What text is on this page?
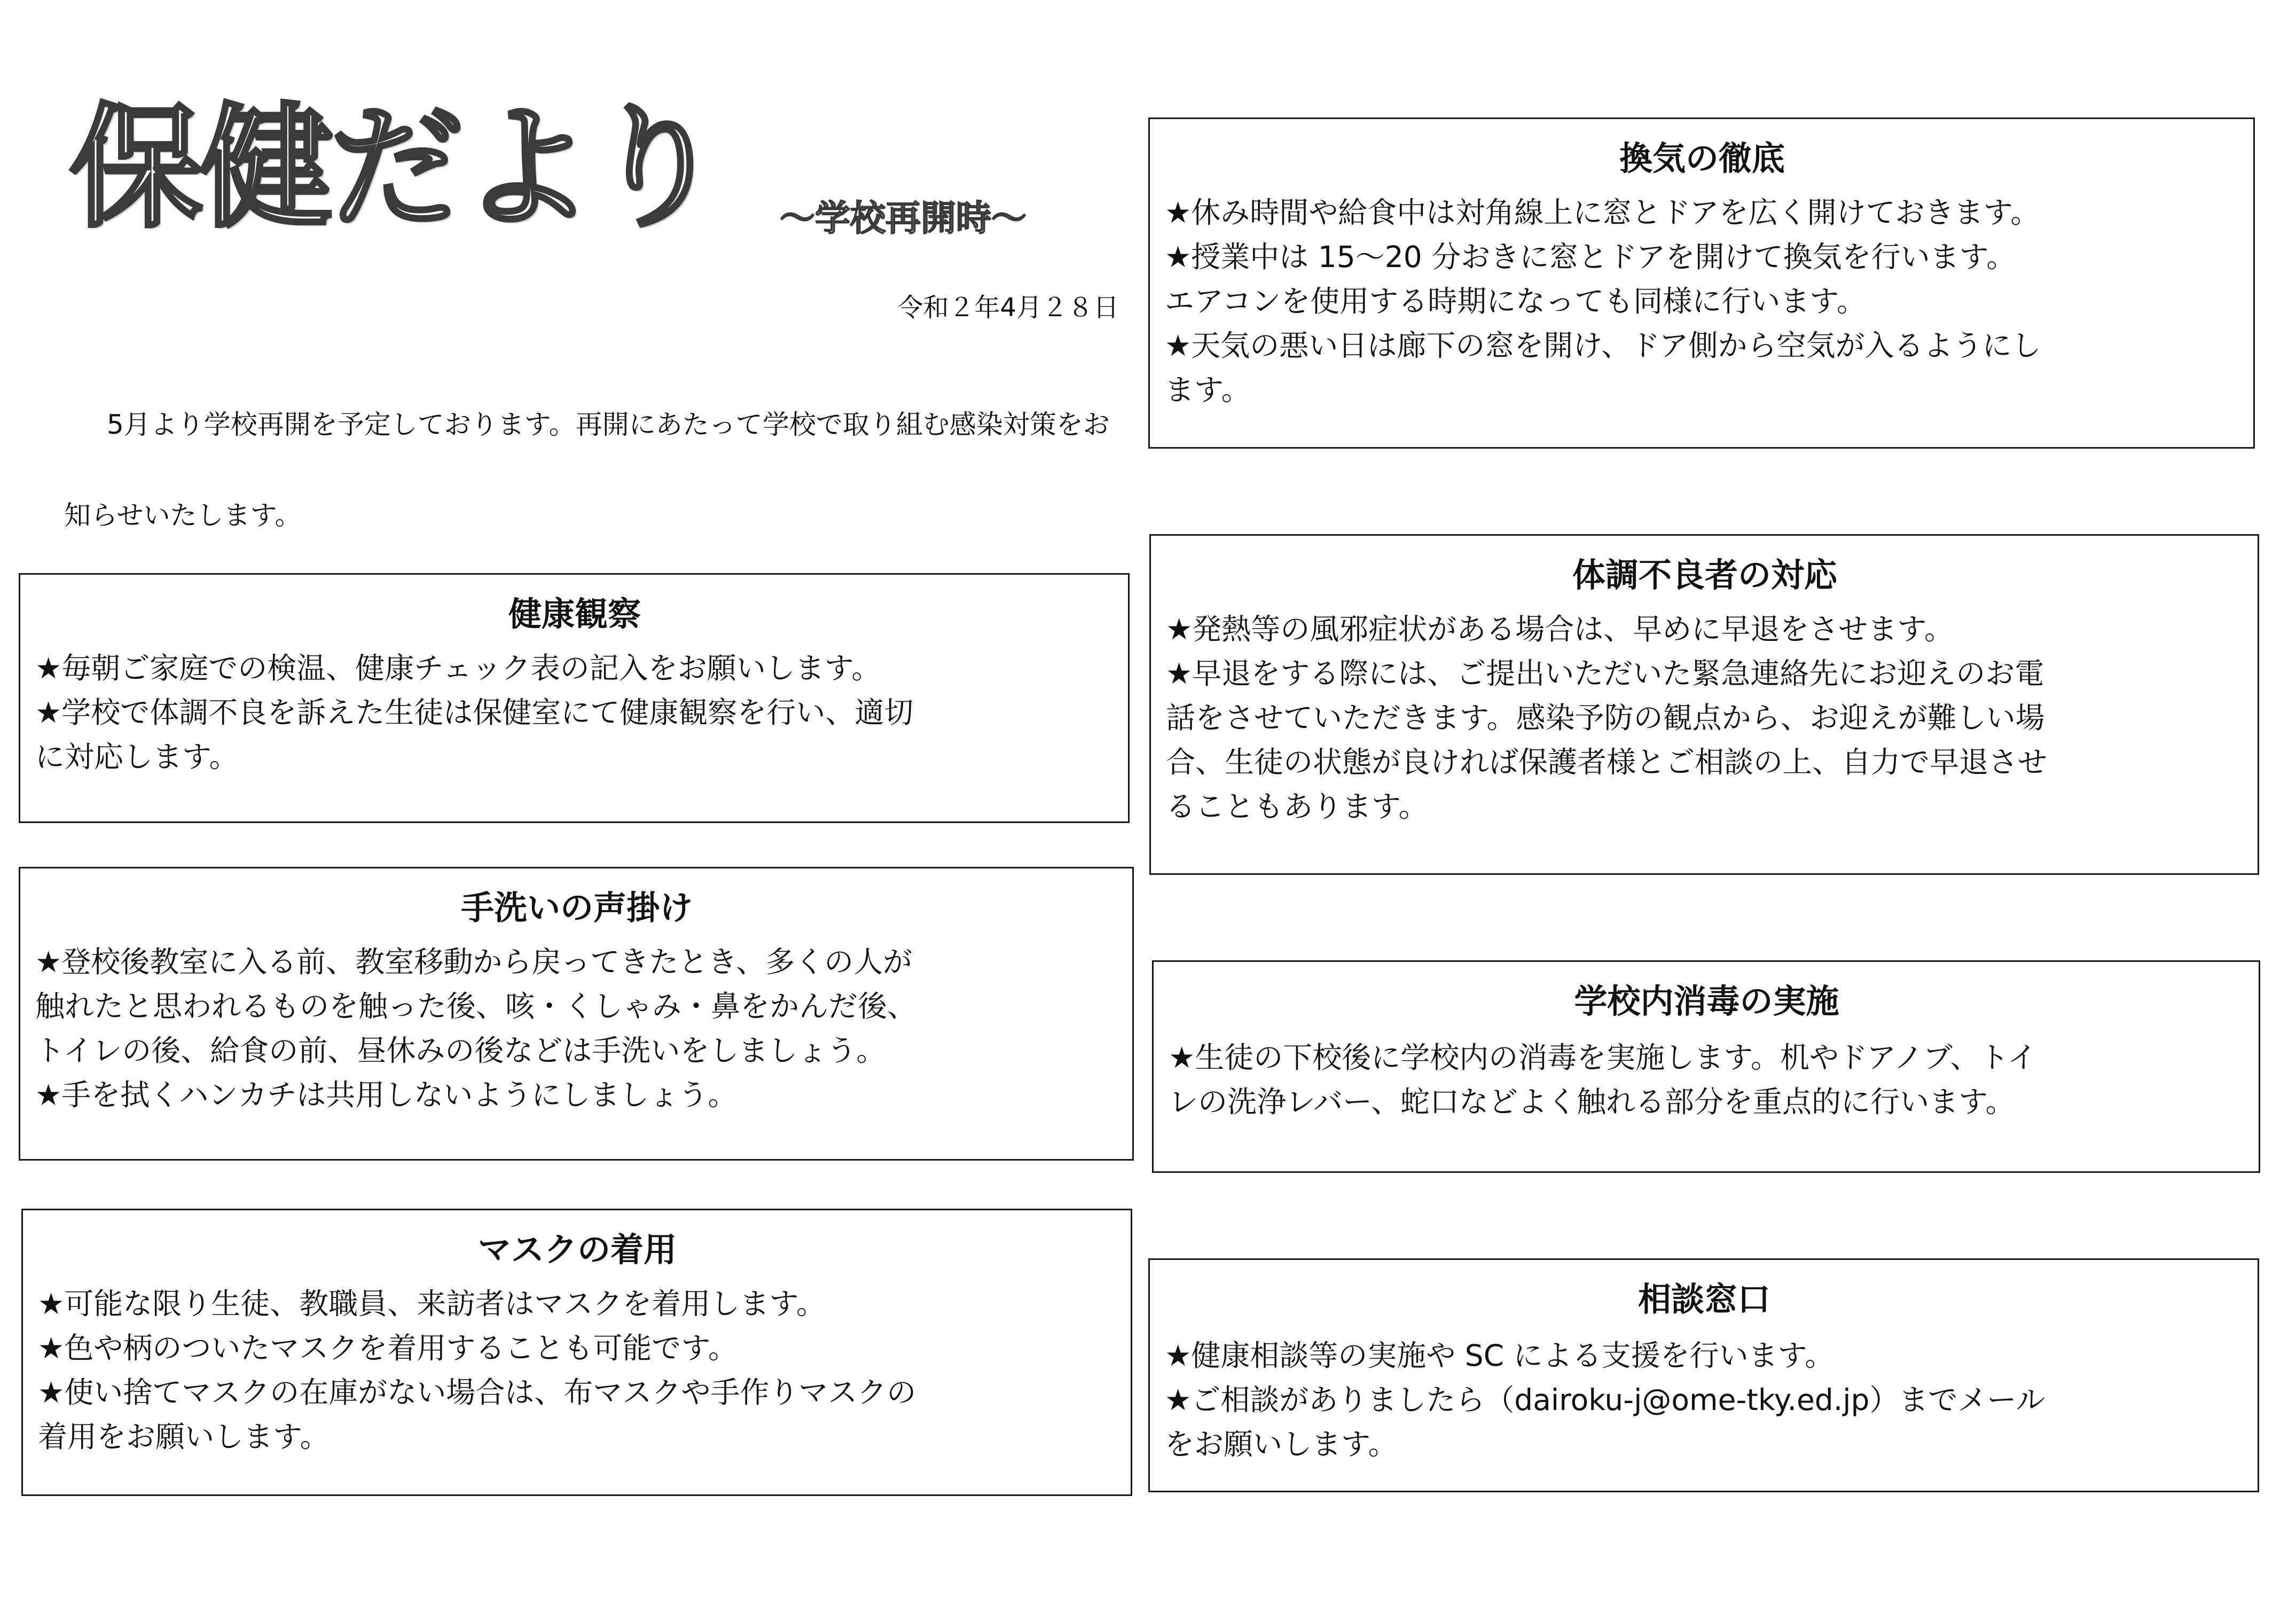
保健だより ～学校再開時～
令和２年4月２８日
5月より学校再開を予定しております。再開にあたって学校で取り組む感染対策をお知らせいたします。
健康観察

★毎朝ご家庭での検温、健康チェック表の記入をお願いします。

★学校で体調不良を訴えた生徒は保健室にて健康観察を行い、適切

に対応します。

手洗いの声掛け

★登校後教室に入る前、教室移動から戻ってきたとき、多くの人が

触れたと思われるものを触った後、咳・くしゃみ・鼻をかんだ後、

トイレの後、給食の前、昼休みの後などは手洗いをしましょう。

★手を拭くハンカチは共用しないようにしましょう。

マスクの着用

★可能な限り生徒、教職員、来訪者はマスクを着用します。

★色や柄のついたマスクを着用することも可能です。

★使い捨てマスクの在庫がない場合は、布マスクや手作りマスクの

着用をお願いします。

換気の徹底

★休み時間や給食中は対角線上に窓とドアを広く開けておきます。

★授業中は 15～20 分おきに窓とドアを開けて換気を行います。

エアコンを使用する時期になっても同様に行います。

★天気の悪い日は廊下の窓を開け、ドア側から空気が入るようにし

ます。

体調不良者の対応

★発熱等の風邪症状がある場合は、早めに早退をさせます。

★早退をする際には、ご提出いただいた緊急連絡先にお迎えのお電

話をさせていただきます。感染予防の観点から、お迎えが難しい場

合、生徒の状態が良ければ保護者様とご相談の上、自力で早退させ

ることもあります。

学校内消毒の実施

★生徒の下校後に学校内の消毒を実施します。机やドアノブ、トイ

レの洗浄レバー、蛇口などよく触れる部分を重点的に行います。

相談窓口

★健康相談等の実施や SC による支援を行います。

★ご相談がありましたら（dairoku-j@ome-tky.ed.jp）までメール

をお願いします。
